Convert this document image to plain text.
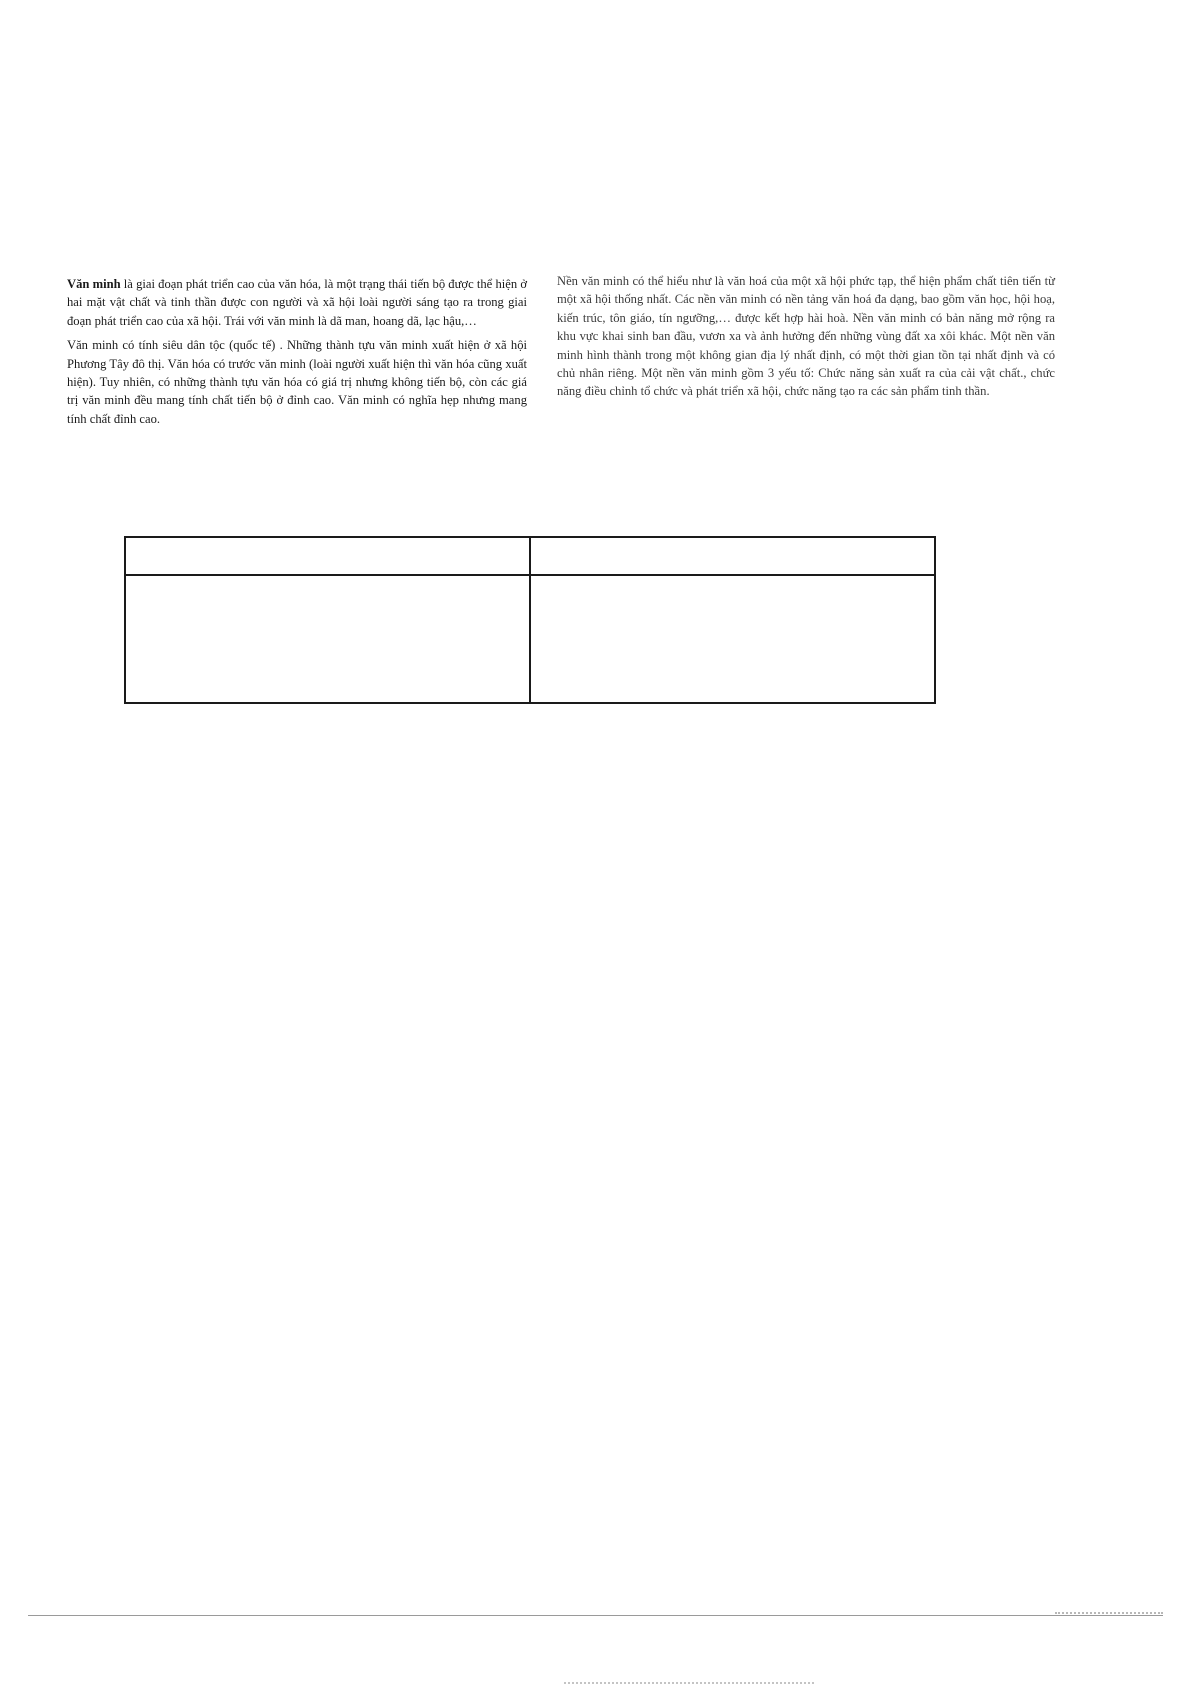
Văn minh là giai đoạn phát triển cao của văn hóa, là một trạng thái tiến bộ được thể hiện ở hai mặt vật chất và tinh thần được con người và xã hội loài người sáng tạo ra trong giai đoạn phát triển cao của xã hội. Trái với văn minh là dã man, hoang dã, lạc hậu,…

Văn minh có tính siêu dân tộc (quốc tế) . Những thành tựu văn minh xuất hiện ở xã hội Phương Tây đô thị. Văn hóa có trước văn minh (loài người xuất hiện thì văn hóa cũng xuất hiện). Tuy nhiên, có những thành tựu văn hóa có giá trị nhưng không tiến bộ, còn các giá trị văn minh đều mang tính chất tiến bộ ở đỉnh cao. Văn minh có nghĩa hẹp nhưng mang tính chất đỉnh cao.

Nền văn minh có thể hiểu như là văn hoá của một xã hội phức tạp, thể hiện phẩm chất tiên tiến từ một xã hội thống nhất. Các nền văn minh có nền tảng văn hoá đa dạng, bao gồm văn học, hội hoạ, kiến trúc, tôn giáo, tín ngưỡng,… được kết hợp hài hoà. Nền văn minh có bản năng mở rộng ra khu vực khai sinh ban đầu, vươn xa và ảnh hưởng đến những vùng đất xa xôi khác. Một nền văn minh hình thành trong một không gian địa lý nhất định, có một thời gian tồn tại nhất định và có chủ nhân riêng. Một nền văn minh gồm 3 yếu tố: Chức năng sản xuất ra của cải vật chất., chức năng điều chỉnh tổ chức và phát triển xã hội, chức năng tạo ra các sản phẩm tinh thần.
